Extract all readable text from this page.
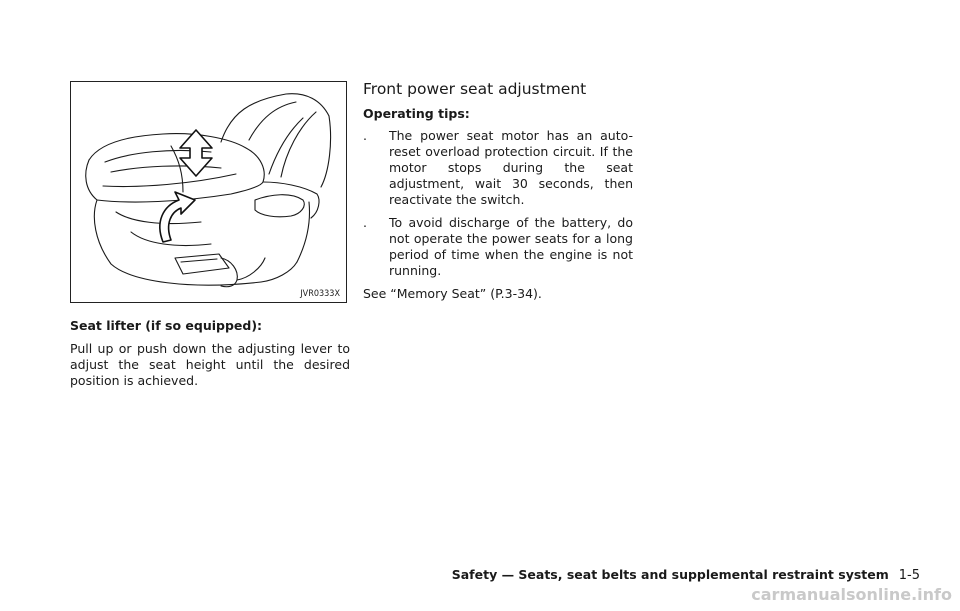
JVR0333X

Seat lifter (if so equipped):

Pull up or push down the adjusting lever to adjust the seat height until the desired position is achieved.

Front power seat adjustment

Operating tips:

.	The power seat motor has an auto-reset overload protection circuit. If the motor stops during the seat adjustment, wait 30 seconds, then reactivate the switch.
.	To avoid discharge of the battery, do not operate the power seats for a long period of time when the engine is not running.

See “Memory Seat” (P.3-34).

Safety — Seats, seat belts and supplemental restraint system 1-5
carmanualsonline.info
